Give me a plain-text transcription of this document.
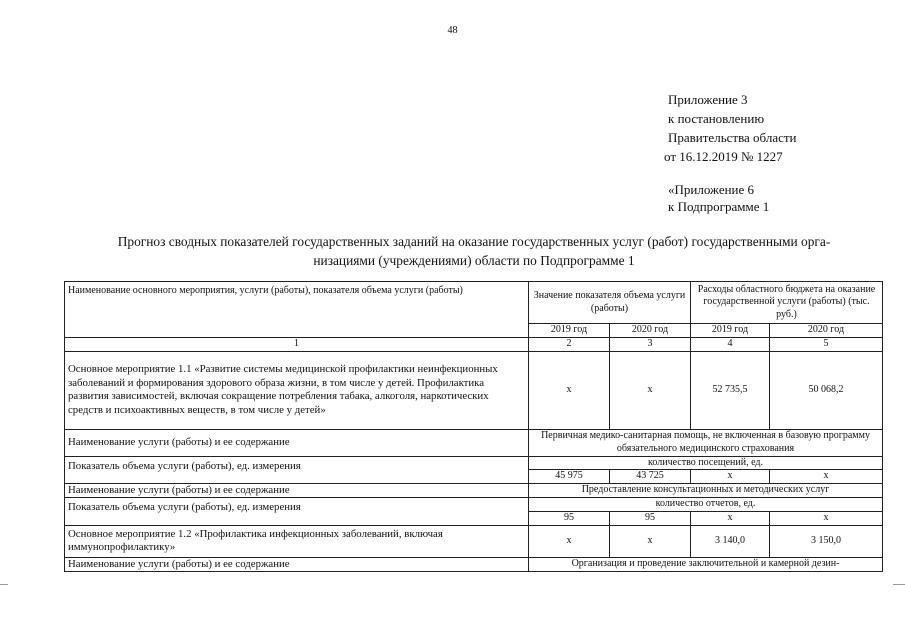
48
Приложение 3
к постановлению
Правительства области
от 16.12.2019 № 1227
«Приложение 6
к Подпрограмме 1
Прогноз сводных показателей государственных заданий на оказание государственных услуг (работ) государственными орга-
низациями (учреждениями) области по Подпрограмме 1
Наименование основного мероприятия, услуги (работы), показателя объема услуги (работы)	Значение показателя объема услуги (работы)		Расходы областного бюджета на оказание государственной услуги (работы) (тыс. руб.)	
	2019 год	2020 год	2019 год	2020 год
1	2	3	4	5
Основное мероприятие 1.1 «Развитие системы медицинской профилактики неинфекционных заболеваний и формирования здорового образа жизни, в том числе у детей. Профилактика развития зависимостей, включая сокращение потребления табака, алкоголя, наркотических средств и психоактивных веществ, в том числе у детей»	х	х	52 735,5	50 068,2
Наименование услуги (работы) и ее содержание	Первичная медико-санитарная помощь, не включенная в базовую программу обязательного медицинского страхования			
Показатель объема услуги (работы), ед. измерения	количество посещений, ед.			
	45 975	43 725	х	х
Наименование услуги (работы) и ее содержание	Предоставление консультационных и методических услуг			
Показатель объема услуги (работы), ед. измерения	количество отчетов, ед.			
	95	95	х	х
Основное мероприятие 1.2 «Профилактика инфекционных заболеваний, включая иммунопрофилактику»	х	х	3 140,0	3 150,0
Наименование услуги (работы) и ее содержание	Организация и проведение заключительной и камерной дезин-			
